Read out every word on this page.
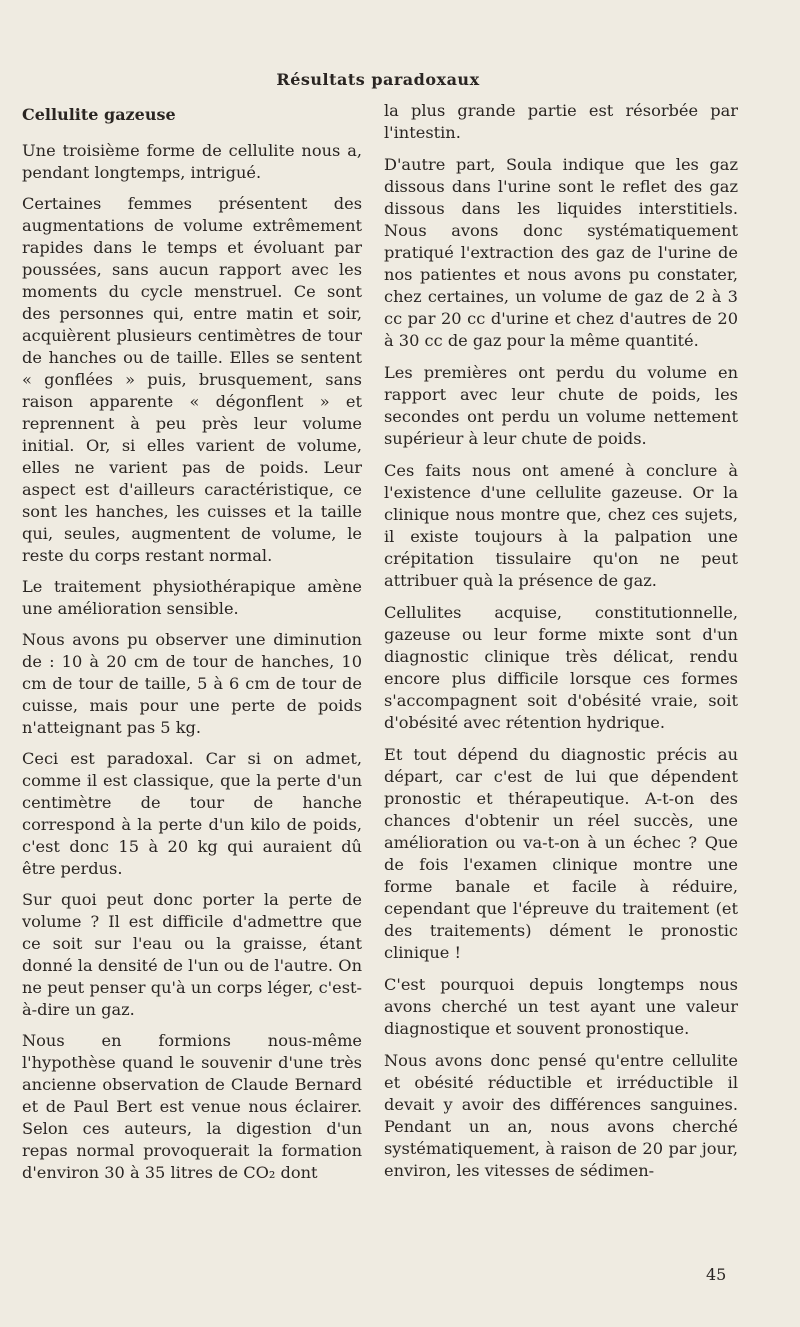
Résultats paradoxaux
Cellulite gazeuse

Une troisième forme de cellulite nous a, pendant longtemps, intrigué.

Certaines femmes présentent des augmentations de volume extrêmement rapides dans le temps et évoluant par poussées, sans aucun rapport avec les moments du cycle menstruel. Ce sont des personnes qui, entre matin et soir, acquièrent plusieurs centimètres de tour de hanches ou de taille. Elles se sentent « gonflées » puis, brusquement, sans raison apparente « dégonflent » et reprennent à peu près leur volume initial. Or, si elles varient de volume, elles ne varient pas de poids. Leur aspect est d'ailleurs caractéristique, ce sont les hanches, les cuisses et la taille qui, seules, augmentent de volume, le reste du corps restant normal.

Le traitement physiothérapique amène une amélioration sensible.

Nous avons pu observer une diminution de : 10 à 20 cm de tour de hanches, 10 cm de tour de taille, 5 à 6 cm de tour de cuisse, mais pour une perte de poids n'atteignant pas 5 kg.

Ceci est paradoxal. Car si on admet, comme il est classique, que la perte d'un centimètre de tour de hanche correspond à la perte d'un kilo de poids, c'est donc 15 à 20 kg qui auraient dû être perdus.

Sur quoi peut donc porter la perte de volume ? Il est difficile d'admettre que ce soit sur l'eau ou la graisse, étant donné la densité de l'un ou de l'autre. On ne peut penser qu'à un corps léger, c'est-à-dire un gaz.

Nous en formions nous-même l'hypothèse quand le souvenir d'une très ancienne observation de Claude Bernard et de Paul Bert est venue nous éclairer. Selon ces auteurs, la digestion d'un repas normal provoquerait la formation d'environ 30 à 35 litres de CO₂ dont

la plus grande partie est résorbée par l'intestin.

D'autre part, Soula indique que les gaz dissous dans l'urine sont le reflet des gaz dissous dans les liquides interstitiels. Nous avons donc systématiquement pratiqué l'extraction des gaz de l'urine de nos patientes et nous avons pu constater, chez certaines, un volume de gaz de 2 à 3 cc par 20 cc d'urine et chez d'autres de 20 à 30 cc de gaz pour la même quantité.

Les premières ont perdu du volume en rapport avec leur chute de poids, les secondes ont perdu un volume nettement supérieur à leur chute de poids.

Ces faits nous ont amené à conclure à l'existence d'une cellulite gazeuse. Or la clinique nous montre que, chez ces sujets, il existe toujours à la palpation une crépitation tissulaire qu'on ne peut attribuer quà la présence de gaz.

Cellulites acquise, constitutionnelle, gazeuse ou leur forme mixte sont d'un diagnostic clinique très délicat, rendu encore plus difficile lorsque ces formes s'accompagnent soit d'obésité vraie, soit d'obésité avec rétention hydrique.

Et tout dépend du diagnostic précis au départ, car c'est de lui que dépendent pronostic et thérapeutique. A-t-on des chances d'obtenir un réel succès, une amélioration ou va-t-on à un échec ? Que de fois l'examen clinique montre une forme banale et facile à réduire, cependant que l'épreuve du traitement (et des traitements) dément le pronostic clinique !

C'est pourquoi depuis longtemps nous avons cherché un test ayant une valeur diagnostique et souvent pronostique.

Nous avons donc pensé qu'entre cellulite et obésité réductible et irréductible il devait y avoir des différences sanguines. Pendant un an, nous avons cherché systématiquement, à raison de 20 par jour, environ, les vitesses de sédimen-

45
